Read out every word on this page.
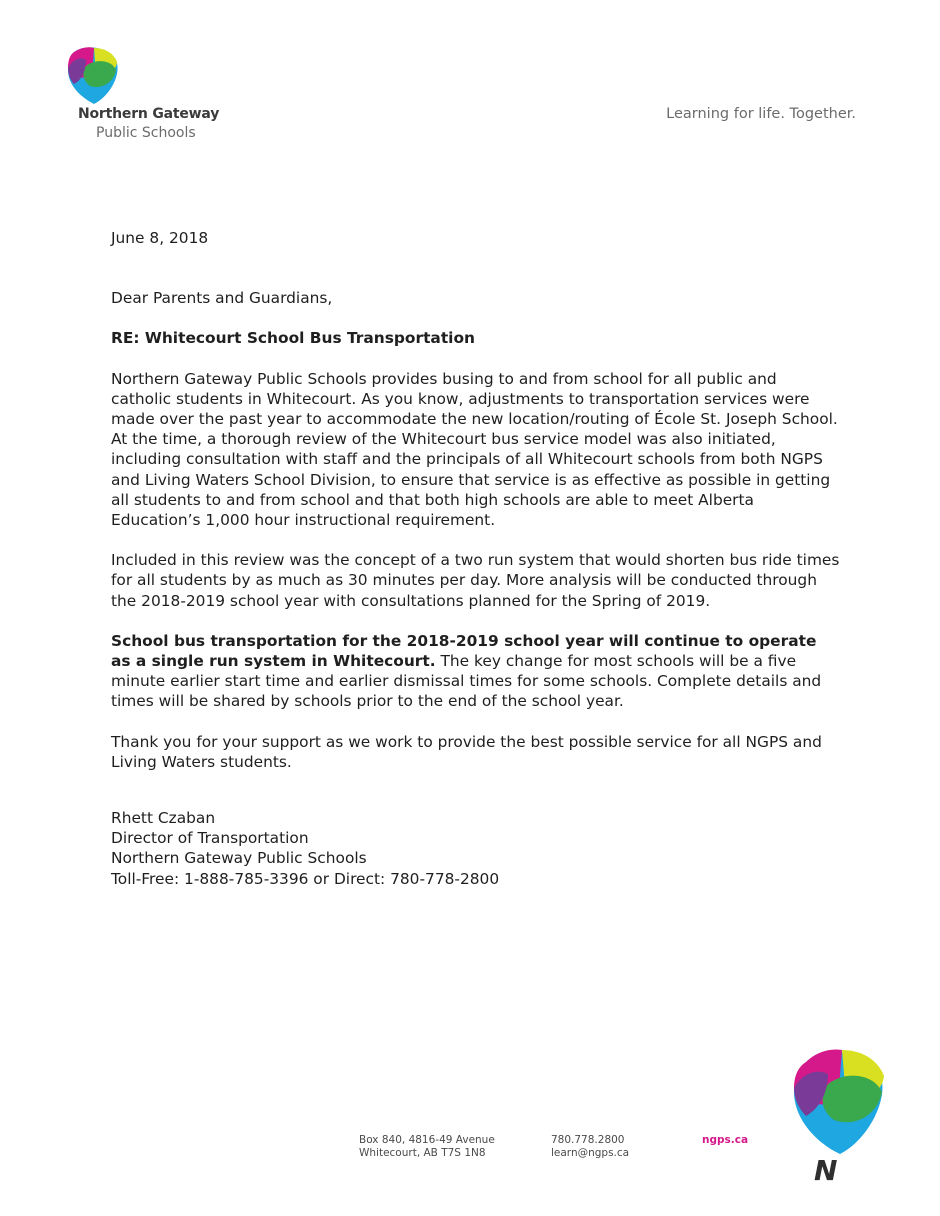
Northern Gateway
Public Schools
Learning for life. Together.

June 8, 2018

Dear Parents and Guardians,

RE: Whitecourt School Bus Transportation

Northern Gateway Public Schools provides busing to and from school for all public and catholic students in Whitecourt. As you know, adjustments to transportation services were made over the past year to accommodate the new location/routing of École St. Joseph School. At the time, a thorough review of the Whitecourt bus service model was also initiated, including consultation with staff and the principals of all Whitecourt schools from both NGPS and Living Waters School Division, to ensure that service is as effective as possible in getting all students to and from school and that both high schools are able to meet Alberta Education’s 1,000 hour instructional requirement.

Included in this review was the concept of a two run system that would shorten bus ride times for all students by as much as 30 minutes per day. More analysis will be conducted through the 2018-2019 school year with consultations planned for the Spring of 2019.

School bus transportation for the 2018-2019 school year will continue to operate as a single run system in Whitecourt. The key change for most schools will be a five minute earlier start time and earlier dismissal times for some schools. Complete details and times will be shared by schools prior to the end of the school year.

Thank you for your support as we work to provide the best possible service for all NGPS and Living Waters students.

Rhett Czaban

Director of Transportation

Northern Gateway Public Schools

Toll-Free: 1-888-785-3396 or Direct: 780-778-2800

Box 840, 4816-49 Avenue
Whitecourt, AB T7S 1N8
780.778.2800
learn@ngps.ca
ngps.ca
N
